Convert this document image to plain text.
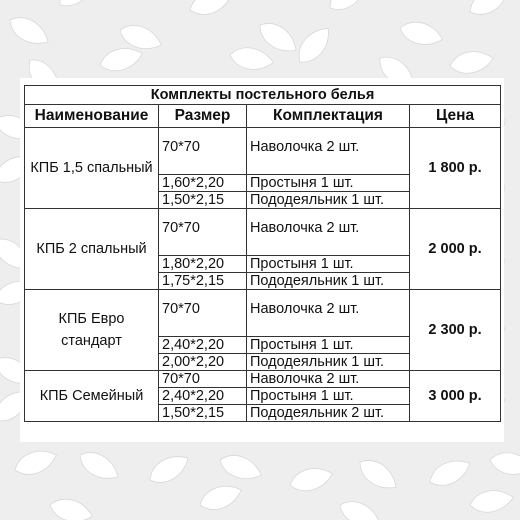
Комплекты постельного белья			
Наименование	Размер	Комплектация	Цена
КПБ 1,5 спальный	70*70	Наволочка 2 шт.	1 800 р.
	1,60*2,20	Простыня 1 шт.	
	1,50*2,15	Пододеяльник 1 шт.	
КПБ 2 спальный	70*70	Наволочка 2 шт.	2 000 р.
	1,80*2,20	Простыня 1 шт.	
	1,75*2,15	Пододеяльник 1 шт.	
КПБ Евро стандарт	70*70	Наволочка 2 шт.	2 300 р.
	2,40*2,20	Простыня 1 шт.	
	2,00*2,20	Пододеяльник 1 шт.	
КПБ Семейный	70*70	Наволочка 2 шт.	3 000 р.
	2,40*2,20	Простыня 1 шт.	
	1,50*2,15	Пододеяльник 2 шт.	
